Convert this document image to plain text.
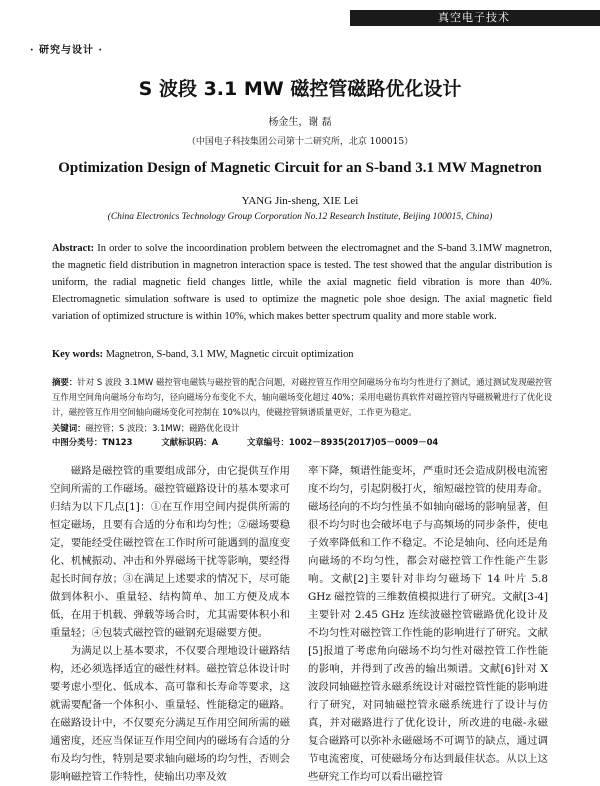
真空电子技术
· 研究与设计 ·
S 波段 3.1 MW 磁控管磁路优化设计
杨金生，谢 磊
（中国电子科技集团公司第十二研究所，北京 100015）
Optimization Design of Magnetic Circuit for an S-band 3.1 MW Magnetron
YANG Jin-sheng, XIE Lei
(China Electronics Technology Group Corporation No.12 Research Institute, Beijing 100015, China)
Abstract: In order to solve the incoordination problem between the electromagnet and the S-band 3.1MW magnetron, the magnetic field distribution in magnetron interaction space is tested. The test showed that the angular distribution is uniform, the radial magnetic field changes little, while the axial magnetic field vibration is more than 40%. Electromagnetic simulation software is used to optimize the magnetic pole shoe design. The axial magnetic field variation of optimized structure is within 10%, which makes better spectrum quality and more stable work.
Key words: Magnetron, S-band, 3.1 MW, Magnetic circuit optimization
摘要：针对 S 波段 3.1MW 磁控管电磁铁与磁控管的配合问题，对磁控管互作用空间磁场分布均匀性进行了测试，通过测试发现磁控管互作用空间角向磁场分布均匀，径向磁场分布变化不大，轴向磁场变化超过 40%；采用电磁仿真软件对磁控管内导磁极靴进行了优化设计，磁控管互作用空间轴向磁场变化可控制在 10%以内，使磁控管频谱质量更好，工作更为稳定。
关键词：磁控管；S 波段；3.1MW；磁路优化设计
中图分类号：TN123	文献标识码：A	文章编号：1002－8935(2017)05－0009－04

磁路是磁控管的重要组成部分，由它提供互作用空间所需的工作磁场。磁控管磁路设计的基本要求可归结为以下几点[1]：①在互作用空间内提供所需的恒定磁场，且要有合适的分布和均匀性；②磁场要稳定，要能经受住磁控管在工作时所可能遇到的温度变化、机械振动、冲击和外界磁场干扰等影响，要经得起长时间存放；③在满足上述要求的情况下，尽可能做到体积小、重量轻、结构简单、加工方便及成本低，在用于机载、弹载等场合时，尤其需要体积小和重量轻；④包装式磁控管的磁钢充退磁要方便。

为满足以上基本要求，不仅要合理地设计磁路结构，还必须选择适宜的磁性材料。磁控管总体设计时要考虑小型化、低成本、高可靠和长寿命等要求，这就需要配备一个体积小、重量轻、性能稳定的磁路。在磁路设计中，不仅要充分满足互作用空间所需的磁通密度，还应当保证互作用空间内的磁场有合适的分布及均匀性，特别是要求轴向磁场的均匀性，否则会影响磁控管工作特性，使输出功率及效

率下降，频谱性能变坏，严重时还会造成阴极电流密度不均匀，引起阴极打火，缩短磁控管的使用寿命。磁场径向的不均匀性虽不如轴向磁场的影响显著，但很不均匀时也会破坏电子与高频场的同步条件，使电子效率降低和工作不稳定。不论是轴向、径向还是角向磁场的不均匀性，都会对磁控管工作性能产生影响。文献[2]主要针对非均匀磁场下 14 叶片 5.8 GHz 磁控管的三维数值模拟进行了研究。文献[3-4]主要针对 2.45 GHz 连续波磁控管磁路优化设计及不均匀性对磁控管工作性能的影响进行了研究。文献[5]报道了考虑角向磁场不均匀性对磁控管工作性能的影响，并得到了改善的输出频谱。文献[6]针对 X 波段同轴磁控管永磁系统设计对磁控管性能的影响进行了研究，对同轴磁控管永磁系统进行了设计与仿真，并对磁路进行了优化设计，所改进的电磁-永磁复合磁路可以弥补永磁磁场不可调节的缺点，通过调节电流密度，可使磁场分布达到最佳状态。从以上这些研究工作均可以看出磁控管
